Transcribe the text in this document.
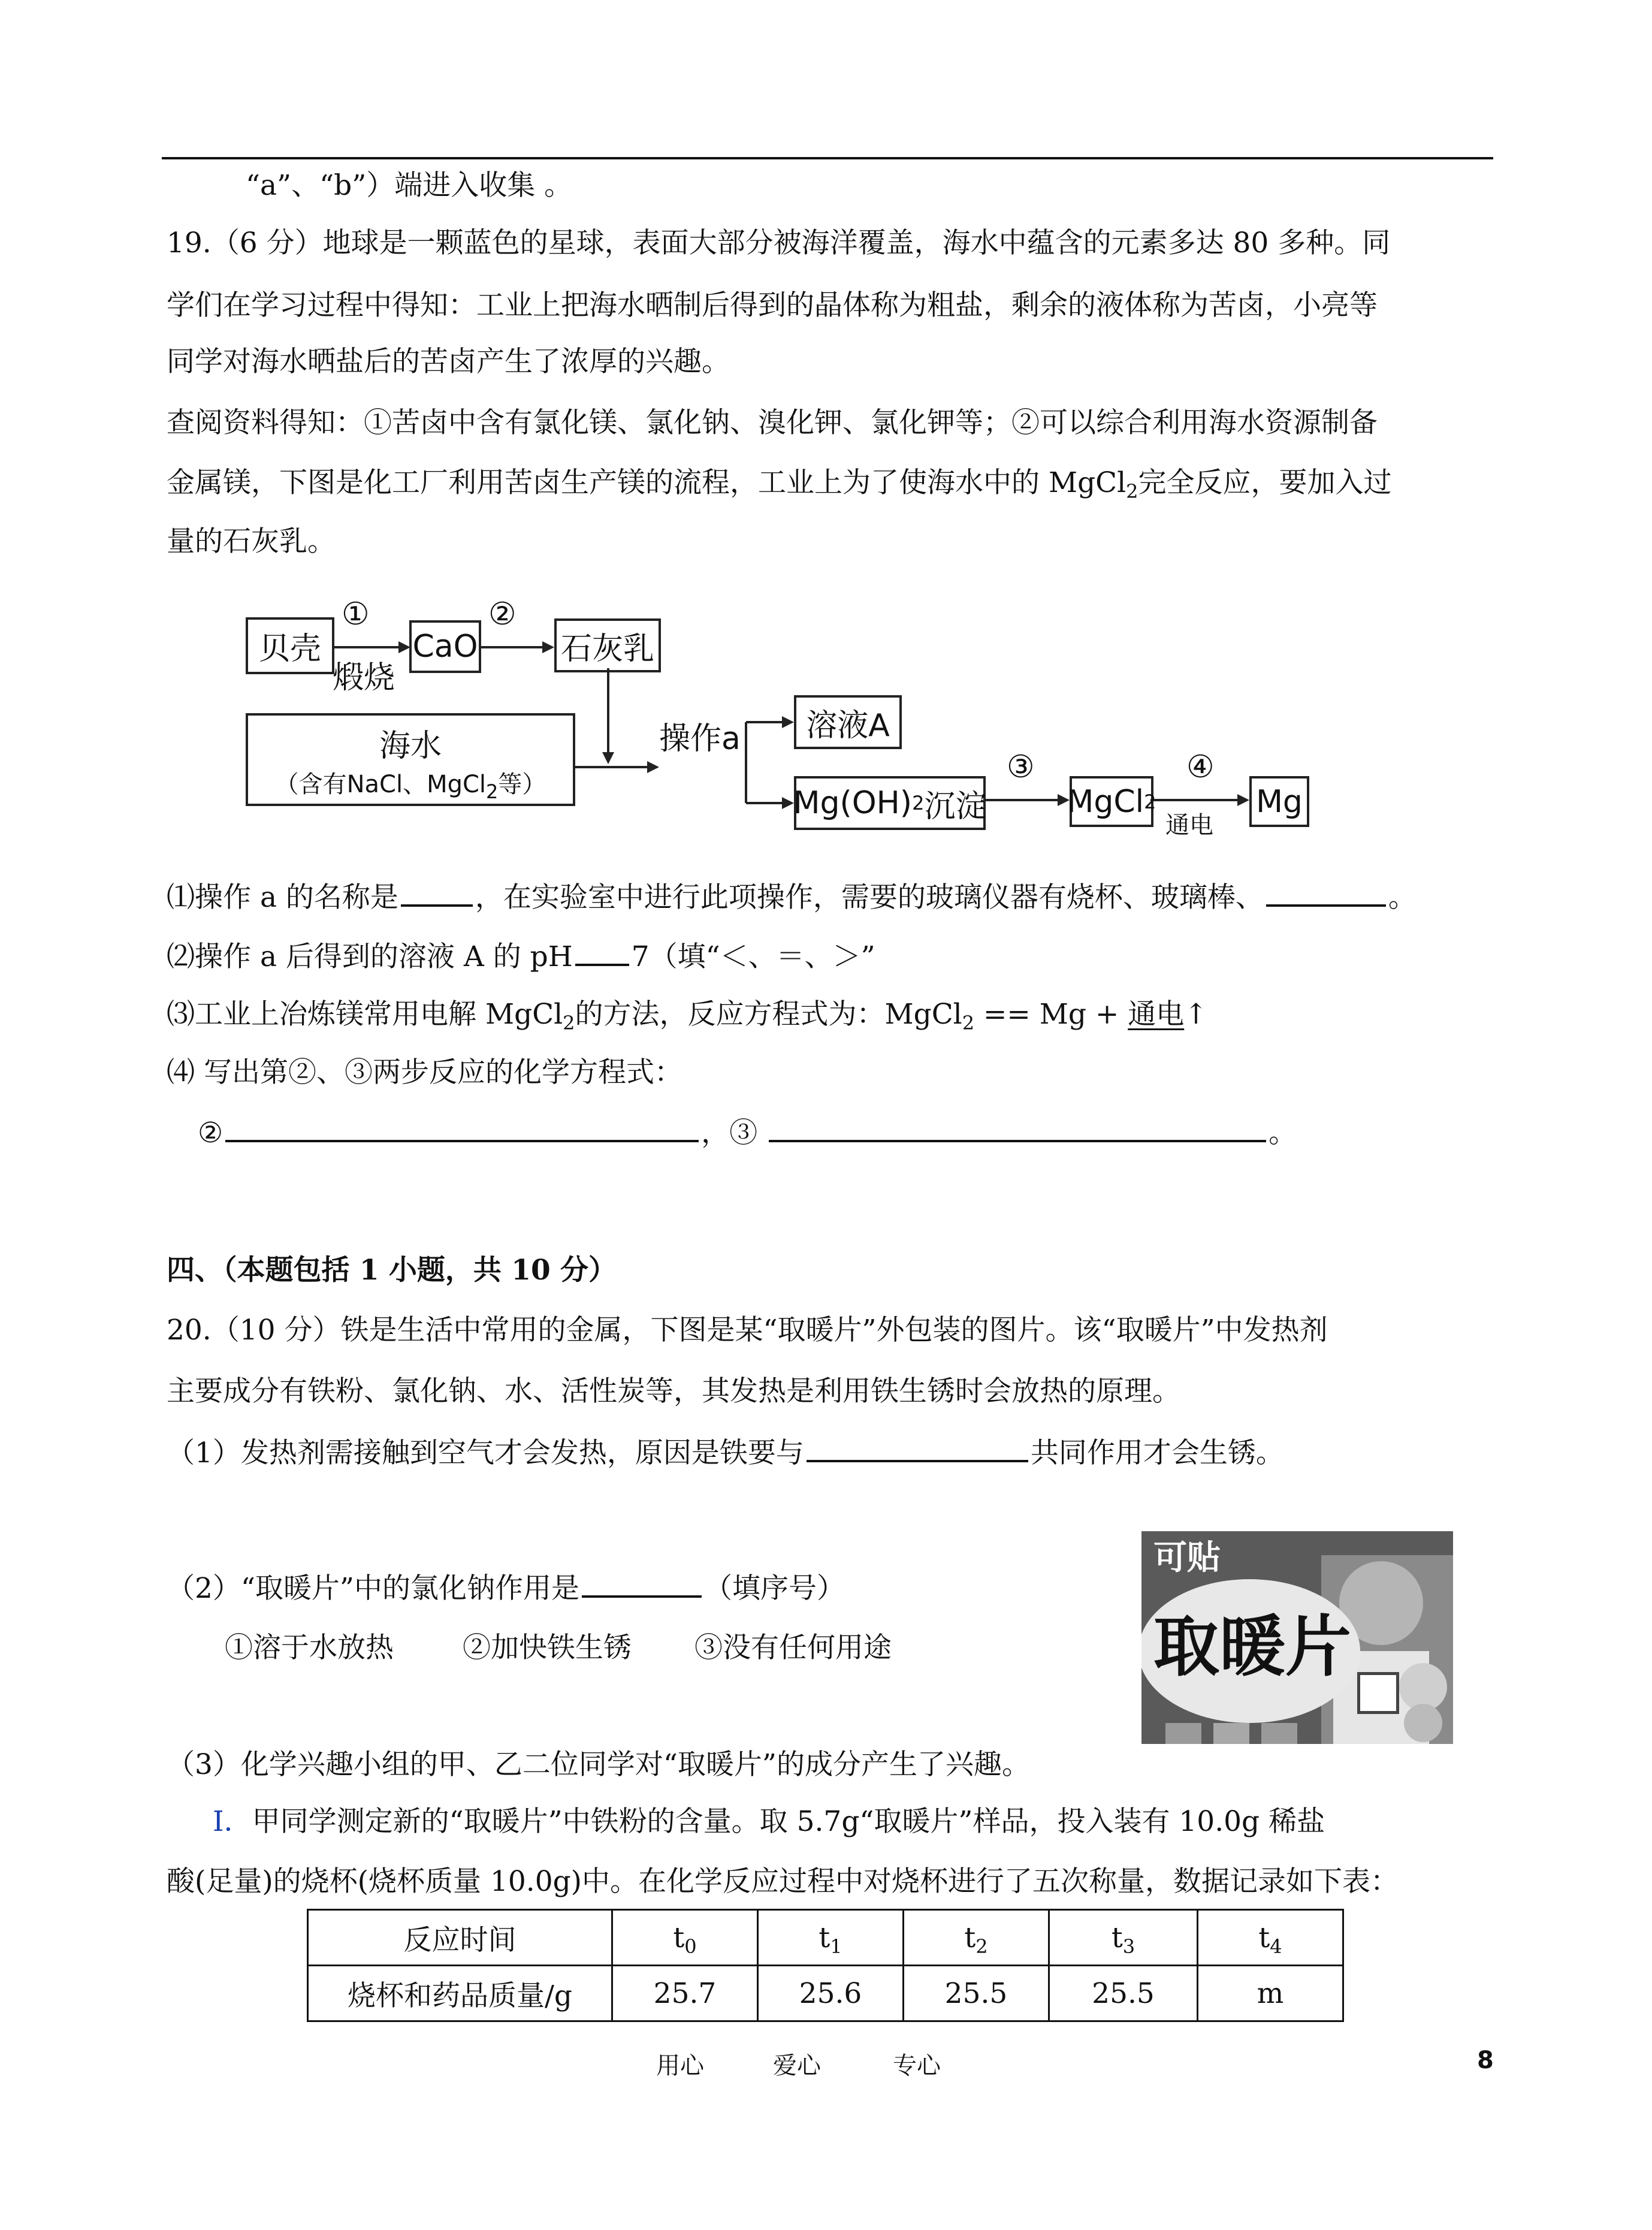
“a”、“b”）端进入收集 。
19.（6 分）地球是一颗蓝色的星球，表面大部分被海洋覆盖，海水中蕴含的元素多达 80 多种。同
学们在学习过程中得知：工业上把海水晒制后得到的晶体称为粗盐，剩余的液体称为苦卤，小亮等
同学对海水晒盐后的苦卤产生了浓厚的兴趣。
查阅资料得知：①苦卤中含有氯化镁、氯化钠、溴化钾、氯化钾等；②可以综合利用海水资源制备
金属镁，下图是化工厂利用苦卤生产镁的流程，工业上为了使海水中的 MgCl$_2$完全反应，要加入过
量的石灰乳。
贝壳
①
煅烧
CaO
②
石灰乳
海水
（含有NaCl、MgCl$_2$等）
操作a	溶液A
Mg(OH) 2 沉淀
③
MgCl 2
④
通电
Mg
⑴操作 a 的名称是	，在实验室中进行此项操作，需要的玻璃仪器有烧杯、玻璃棒、	。
⑵操作 a 后得到的溶液 A 的 pH 7（填“＜、＝、＞”
⑶工业上冶炼镁常用电解 MgCl$_2$的方法，反应方程式为：MgCl$_2$ == Mg + 通电↑
⑷ 写出第②、③两步反应的化学方程式：
②	，③	。
四、（本题包括 1 小题，共 10 分）
20.（10 分）铁是生活中常用的金属，下图是某“取暖片”外包装的图片。该“取暖片”中发热剂
主要成分有铁粉、氯化钠、水、活性炭等，其发热是利用铁生锈时会放热的原理。
（1）发热剂需接触到空气才会发热，原因是铁要与	共同作用才会生锈。
（2）“取暖片”中的氯化钠作用是	（填序号）
①溶于水放热 ②加快铁生锈 ③没有任何用途
（3）化学兴趣小组的甲、乙二位同学对“取暖片”的成分产生了兴趣。
Ⅰ．甲同学测定新的“取暖片”中铁粉的含量。取 5.7g“取暖片”样品，投入装有 10.0g 稀盐
酸(足量)的烧杯(烧杯质量 10.0g)中。在化学反应过程中对烧杯进行了五次称量，数据记录如下表：
可贴
取暖片
反应时间	$t_0$	$t_1$	$t_2$	$t_3$	$t_4$
烧杯和药品质量/g	25.7	25.6	25.5	25.5	m
用心	爱心	专心	8
